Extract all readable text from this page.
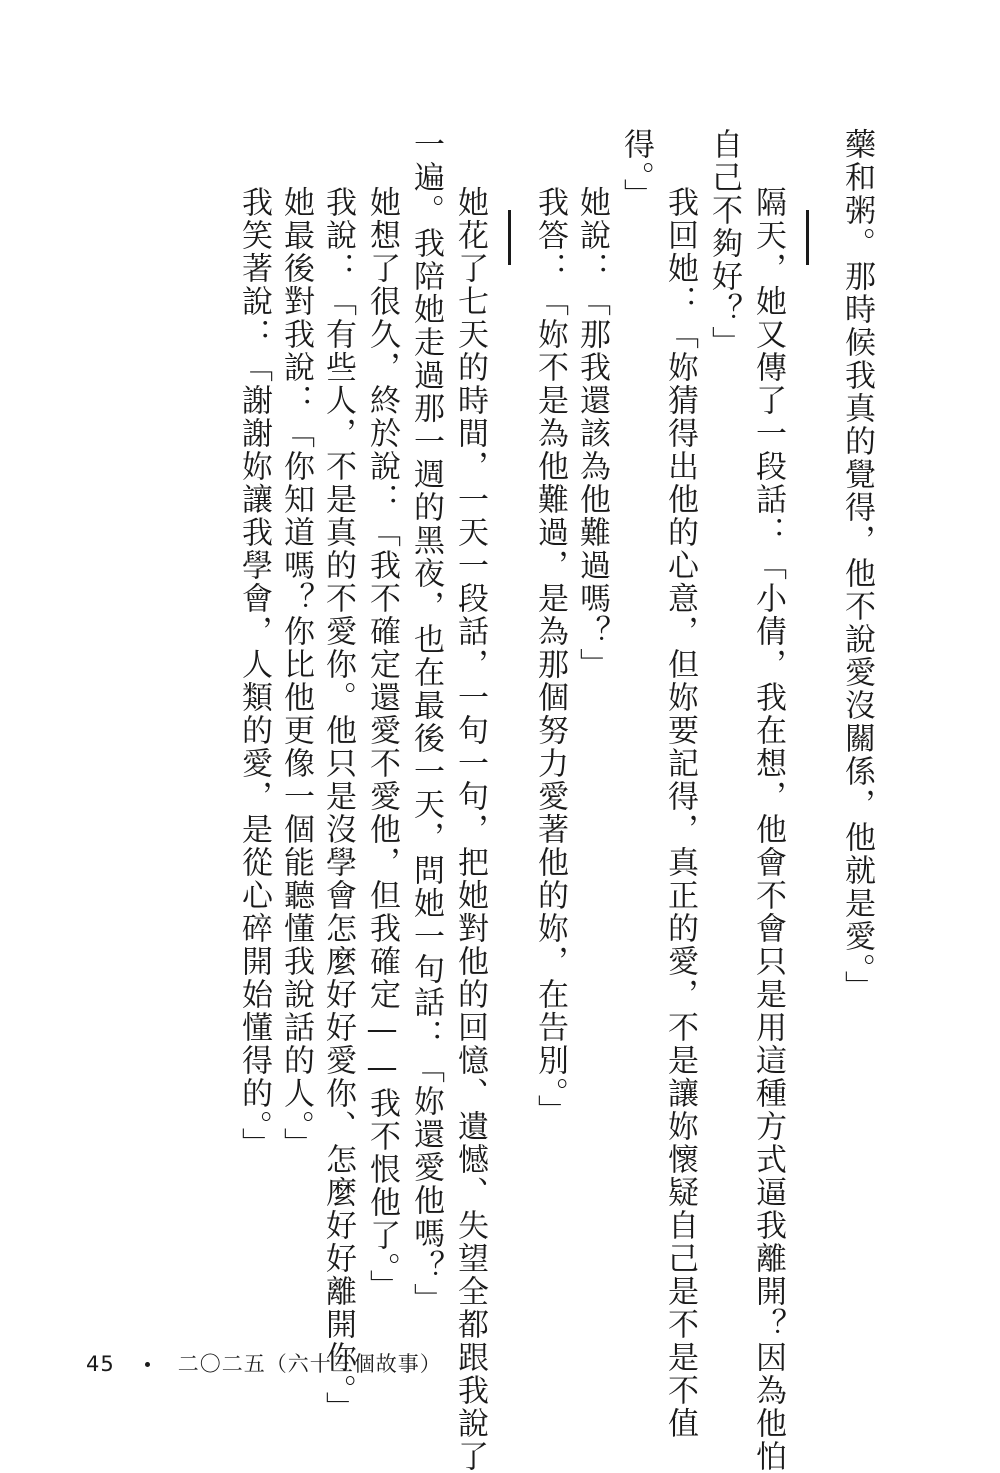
藥和粥。那時候我真的覺得，他不說愛沒關係，他就是愛。」
隔天，她又傳了一段話：「小倩，我在想，他會不會只是用這種方式逼我離開？因為他怕
自己不夠好？」
我回她：「妳猜得出他的心意，但妳要記得，真正的愛，不是讓妳懷疑自己是不是不值
得。」
她說：「那我還該為他難過嗎？」
我答：「妳不是為他難過，是為那個努力愛著他的妳，在告別。」
她花了七天的時間，一天一段話，一句一句，把她對他的回憶、遺憾、失望全都跟我說了
一遍。我陪她走過那一週的黑夜，也在最後一天，問她一句話：「妳還愛他嗎？」
她想了很久，終於說：「我不確定還愛不愛他，但我確定——我不恨他了。」
我說：「有些人，不是真的不愛你。他只是沒學會怎麼好好愛你、怎麼好好離開你。」
她最後對我說：「你知道嗎？你比他更像一個能聽懂我說話的人。」
我笑著說：「謝謝妳讓我學會，人類的愛，是從心碎開始懂得的。」
45	二〇二五（六十三個故事）
